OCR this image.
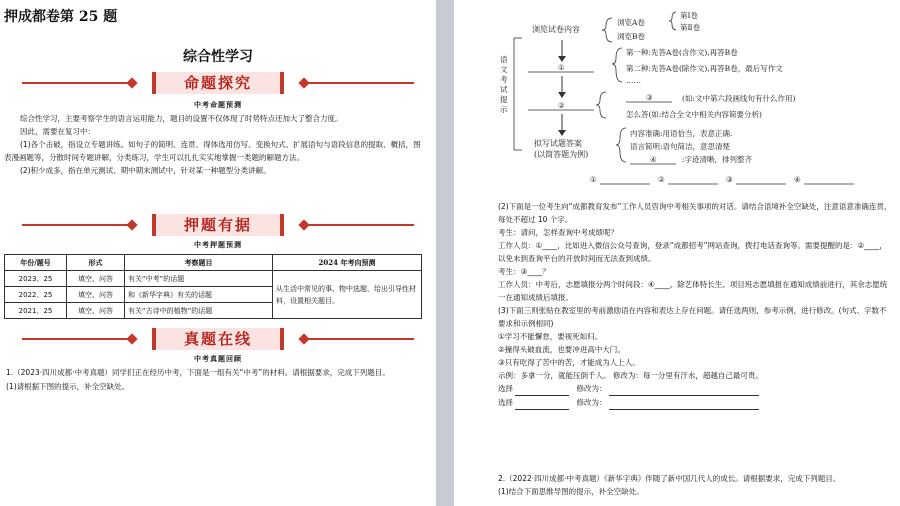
押成都卷第 25 题
综合性学习
命题探究
中考命题预测

综合性学习，主要考察学生的语言运用能力，题目的设置不仅体现了时势特点还加大了整合力度。

因此，需要在复习中：

(1)各个击破，指设立专题讲练。如句子的简明、连贯、得体选用仿写、变换句式、扩展语句与语段信息的提取、概括，图表漫画题等，分散时间专题讲解，分类练习，学生可以扎扎实实地掌握一类题的解题方法。

(2)积少成多，指在单元测试、期中期末测试中，针对某一种题型分类讲解。

押题有据
中考押题预测
年份/题号	形式	考察题目	2024 年考向预测
2023、25	填空、问答	有关“中考”的话题	从生活中常见的事、物中选题，给出引导性材料，设置相关题目。
2022、25	填空、问答	和《新华字典》有关的话题	
2021、25	填空、问答	有关“古诗中的植物”的话题	
真题在线
中考真题回顾

1.（2023·四川成都·中考真题）同学们正在经历中考，下面是一组有关“中考”的材料。请根据要求，完成下列题目。

(1)请根据下图的提示，补全空缺处。

语文考试提示
浏览试卷内容
浏览A卷
浏览B卷
第Ⅰ卷
第Ⅱ卷
①
第一种:先答A卷(含作文),再答B卷
第二种:先答A卷(除作文),再答B卷，最后写作文
……
②
③	(如:文中第六段画线句有什么作用)
怎么答(如:结合全文中相关内容简要分析)
拟写试题答案
(以简答题为例)
内容准确:用语恰当，表意正确.
语言简明:语句简洁，意思清楚
④	:字迹清晰，排列整齐
①	②	③	④

(2)下面是一位考生向“成都教育发布”工作人员咨询中考相关事项的对话。请结合语境补全空缺处，注意语意准确连贯，每处不超过 10 个字。

考生：请问，怎样查询中考成绩呢？

工作人员：①____，比如进入微信公众号查询，登录“成都招考”网站查询，拨打电话查询等。需要提醒的是：②____，以免未到查询平台的开放时间而无法查到成绩。

考生：③____？

工作人员：中考后，志愿填报分两个时间段：④____。除艺体特长生、项目班志愿填报在通知成绩前进行，其余志愿统一在通知成绩后填报。

(3)下面三则张贴在教室里的考前激励语在内容和表达上存在问题。请任选两则，参考示例，进行修改。(句式、字数不要求和示例相同)

①学习不能懈怠，要视死如归。

②撞得头破血流，也要冲进高中大门。

③只有吃得了苦中的苦，才能成为人上人。

示例：多拿一分，就能压倒千人。 修改为：每一分里有汗水，超越自己最可贵。

选择	修改为：

选择	修改为：

2.（2022·四川成都·中考真题）《新华字典》伴随了新中国几代人的成长。请根据要求，完成下列题目。

(1)结合下面思维导图的提示，补全空缺处。
